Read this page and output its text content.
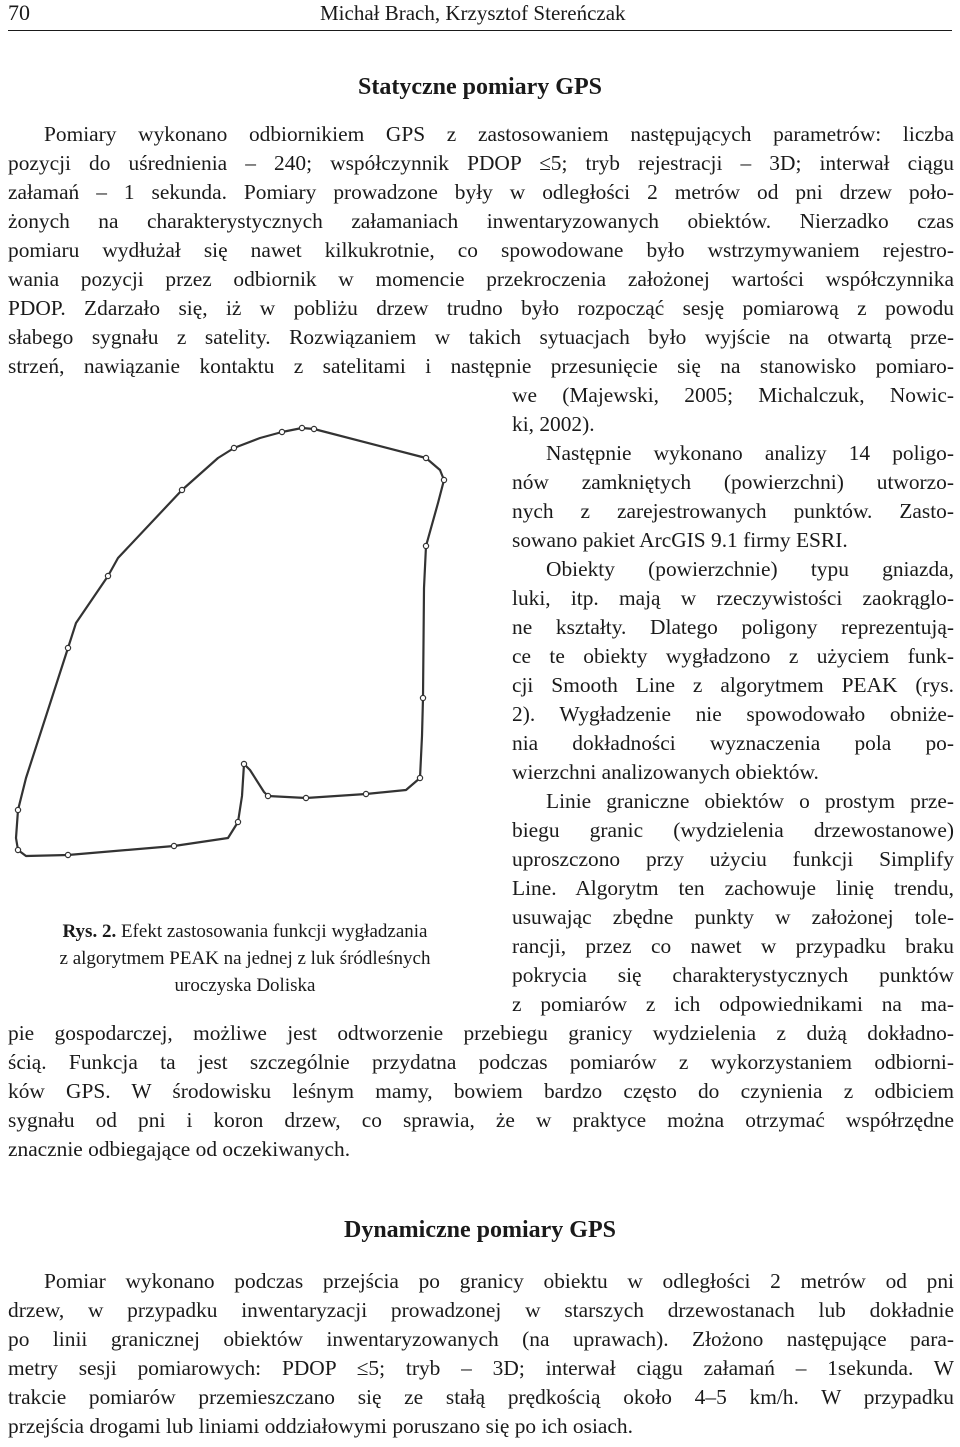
70	Michał Brach, Krzysztof Stereńczak
Statyczne pomiary GPS
Pomiary wykonano odbiornikiem GPS z zastosowaniem następujących parametrów: liczba
pozycji do uśrednienia – 240; współczynnik PDOP ≤5; tryb rejestracji – 3D; interwał ciągu
załamań – 1 sekunda. Pomiary prowadzone były w odległości 2 metrów od pni drzew poło-
żonych na charakterystycznych załamaniach inwentaryzowanych obiektów. Nierzadko czas
pomiaru wydłużał się nawet kilkukrotnie, co spowodowane było wstrzymywaniem rejestro-
wania pozycji przez odbiornik w momencie przekroczenia założonej wartości współczynnika
PDOP. Zdarzało się, iż w pobliżu drzew trudno było rozpocząć sesję pomiarową z powodu
słabego sygnału z satelity. Rozwiązaniem w takich sytuacjach było wyjście na otwartą prze-
strzeń, nawiązanie kontaktu z satelitami i następnie przesunięcie się na stanowisko pomiaro-
we (Majewski, 2005; Michalczuk, Nowic-
ki, 2002).
Następnie wykonano analizy 14 poligo-
nów zamkniętych (powierzchni) utworzo-
nych z zarejestrowanych punktów. Zasto-
sowano pakiet ArcGIS 9.1 firmy ESRI.
Obiekty (powierzchnie) typu gniazda,
luki, itp. mają w rzeczywistości zaokrąglo-
ne kształty. Dlatego poligony reprezentują-
ce te obiekty wygładzono z użyciem funk-
cji Smooth Line z algorytmem PEAK (rys.
2). Wygładzenie nie spowodowało obniże-
nia dokładności wyznaczenia pola po-
wierzchni analizowanych obiektów.
Linie graniczne obiektów o prostym prze-
biegu granic (wydzielenia drzewostanowe)
uproszczono przy użyciu funkcji Simplify
Line. Algorytm ten zachowuje linię trendu,
usuwając zbędne punkty w założonej tole-
rancji, przez co nawet w przypadku braku
pokrycia się charakterystycznych punktów
z pomiarów z ich odpowiednikami na ma-
pie gospodarczej, możliwe jest odtworzenie przebiegu granicy wydzielenia z dużą dokładno-
ścią. Funkcja ta jest szczególnie przydatna podczas pomiarów z wykorzystaniem odbiorni-
ków GPS. W środowisku leśnym mamy, bowiem bardzo często do czynienia z odbiciem
sygnału od pni i koron drzew, co sprawia, że w praktyce można otrzymać współrzędne
znacznie odbiegające od oczekiwanych.
Rys. 2. Efekt zastosowania funkcji wygładzania
z algorytmem PEAK na jednej z luk śródleśnych
uroczyska Doliska
Dynamiczne pomiary GPS
Pomiar wykonano podczas przejścia po granicy obiektu w odległości 2 metrów od pni
drzew, w przypadku inwentaryzacji prowadzonej w starszych drzewostanach lub dokładnie
po linii granicznej obiektów inwentaryzowanych (na uprawach). Złożono następujące para-
metry sesji pomiarowych: PDOP ≤5; tryb – 3D; interwał ciągu załamań – 1sekunda. W
trakcie pomiarów przemieszczano się ze stałą prędkością około 4–5 km/h. W przypadku
przejścia drogami lub liniami oddziałowymi poruszano się po ich osiach.
